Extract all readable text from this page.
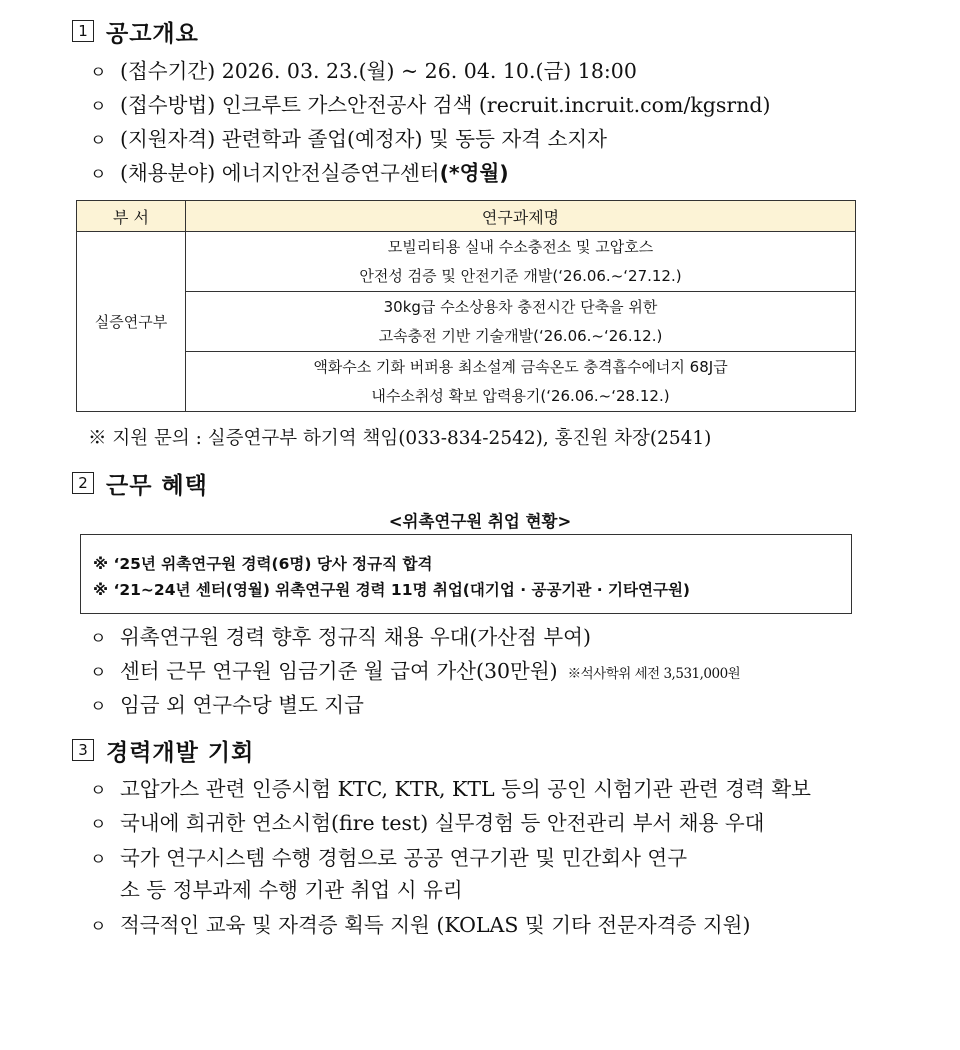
1 공고개요
ㅇ (접수기간) 2026. 03. 23.(월) ~ 26. 04. 10.(금) 18:00
ㅇ (접수방법) 인크루트 가스안전공사 검색 (recruit.incruit.com/kgsrnd)
ㅇ (지원자격) 관련학과 졸업(예정자) 및 동등 자격 소지자
ㅇ (채용분야) 에너지안전실증연구센터(*영월)
부 서	연구과제명
실증연구부	모빌리티용 실내 수소충전소 및 고압호스
안전성 검증 및 안전기준 개발(‘26.06.~‘27.12.)

	30kg급 수소상용차 충전시간 단축을 위한
고속충전 기반 기술개발(‘26.06.~‘26.12.)

	액화수소 기화 버퍼용 최소설계 금속온도 충격흡수에너지 68J급
내수소취성 확보 압력용기(‘26.06.~‘28.12.)
※ 지원 문의 : 실증연구부 하기역 책임(033-834-2542), 홍진원 차장(2541)
2 근무 혜택
<위촉연구원 취업 현황>
※ ‘25년 위촉연구원 경력(6명) 당사 정규직 합격
※ ‘21~24년 센터(영월) 위촉연구원 경력 11명 취업(대기업 · 공공기관 · 기타연구원)
ㅇ 위촉연구원 경력 향후 정규직 채용 우대(가산점 부여)
ㅇ 센터 근무 연구원 임금기준 월 급여 가산(30만원) ※석사학위 세전 3,531,000원
ㅇ 임금 외 연구수당 별도 지급
3 경력개발 기회
ㅇ 고압가스 관련 인증시험 KTC, KTR, KTL 등의 공인 시험기관 관련 경력 확보
ㅇ 국내에 희귀한 연소시험(fire test) 실무경험 등 안전관리 부서 채용 우대
ㅇ 국가 연구시스템 수행 경험으로 공공 연구기관 및 민간회사 연구
소 등 정부과제 수행 기관 취업 시 유리
ㅇ 적극적인 교육 및 자격증 획득 지원 (KOLAS 및 기타 전문자격증 지원)
